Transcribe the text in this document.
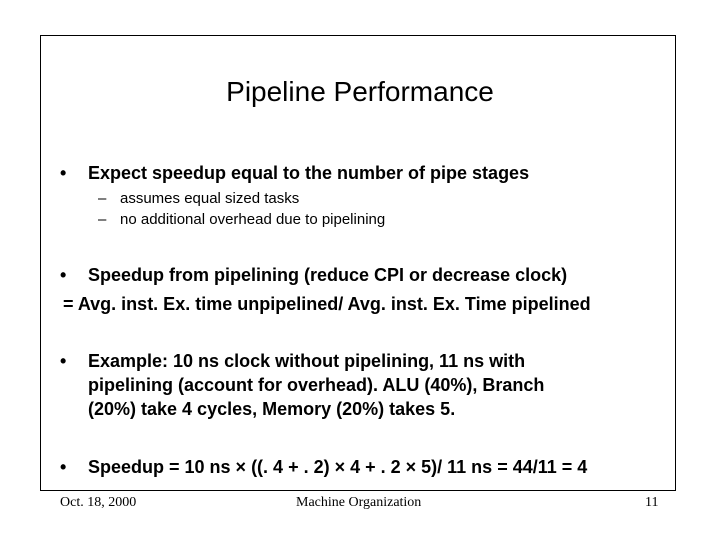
Pipeline Performance
• Expect speedup equal to the number of pipe stages
– assumes equal sized tasks
– no additional overhead due to pipelining
• Speedup from pipelining (reduce CPI or decrease clock)
= Avg. inst. Ex. time unpipelined/ Avg. inst. Ex. Time pipelined
• Example: 10 ns clock without pipelining, 11 ns with
pipelining (account for overhead). ALU (40%), Branch
(20%) take 4 cycles, Memory (20%) takes 5.
• Speedup = 10 ns × ((. 4 + . 2) × 4 + . 2 × 5)/ 11 ns = 44/11 = 4
Oct. 18, 2000	Machine Organization	11
